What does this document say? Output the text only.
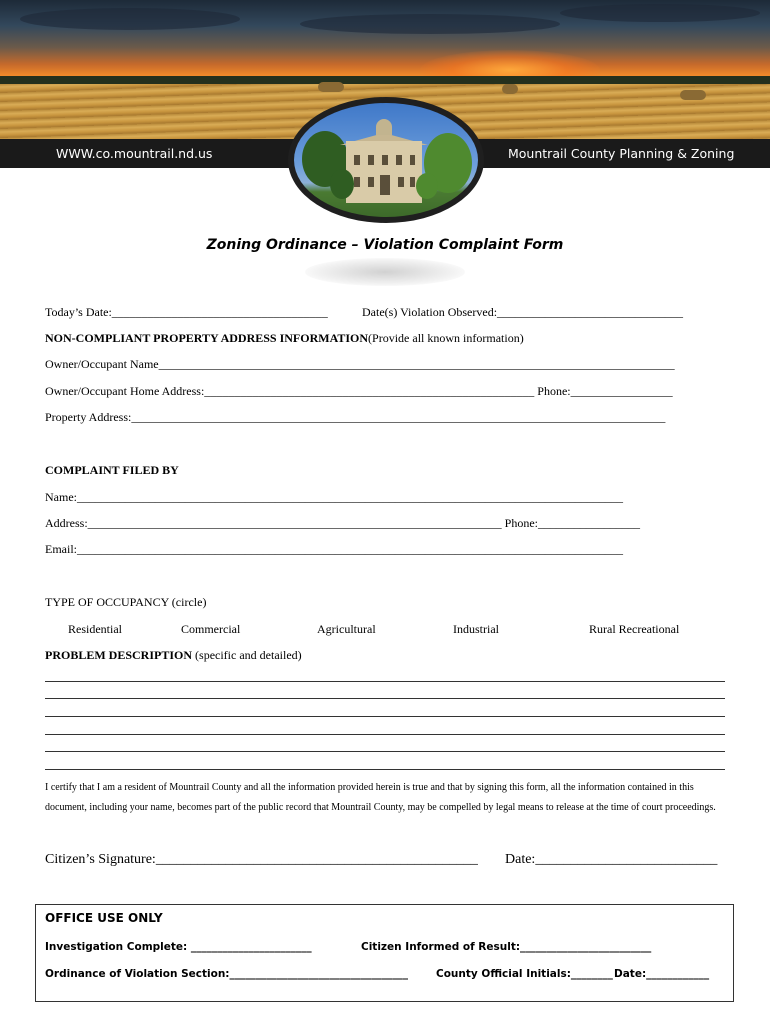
WWW.co.mountrail.nd.us	Mountrail County Planning & Zoning
Zoning Ordinance – Violation Complaint Form
Today’s Date:____________________________________	Date(s) Violation Observed:_______________________________
NON-COMPLIANT PROPERTY ADDRESS INFORMATION(Provide all known information)
Owner/Occupant Name______________________________________________________________________________________
Owner/Occupant Home Address:_______________________________________________________ Phone:_________________
Property Address:_________________________________________________________________________________________
COMPLAINT FILED BY
Name:___________________________________________________________________________________________
Address:_____________________________________________________________________ Phone:_________________
Email:___________________________________________________________________________________________
TYPE OF OCCUPANCY (circle)
Residential	Commercial	Agricultural	Industrial	Rural Recreational
PROBLEM DESCRIPTION (specific and detailed)
I certify that I am a resident of Mountrail County and all the information provided herein is true and that by signing this form, all the information contained in this document, including your name, becomes part of the public record that Mountrail County, may be compelled by legal means to release at the time of court proceedings.
Citizen’s Signature:______________________________________________ Date:__________________________
OFFICE USE ONLY
Investigation Complete: _______________________	Citizen Informed of Result:_________________________
Ordinance of Violation Section:__________________________________	County Official Initials:________ Date:____________
